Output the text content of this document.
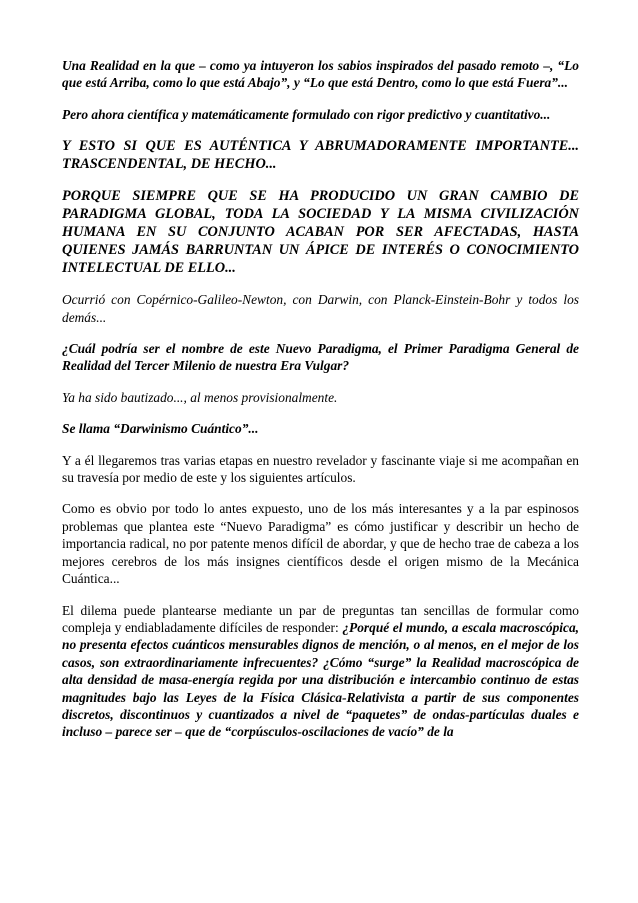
Una Realidad en la que – como ya intuyeron los sabios inspirados del pasado remoto –, “Lo que está Arriba, como lo que está Abajo”, y “Lo que está Dentro, como lo que está Fuera”...

Pero ahora científica y matemáticamente formulado con rigor predictivo y cuantitativo...

Y ESTO SI QUE ES AUTÉNTICA Y ABRUMADORAMENTE IMPORTANTE... TRASCENDENTAL, DE HECHO...

PORQUE SIEMPRE QUE SE HA PRODUCIDO UN GRAN CAMBIO DE PARADIGMA GLOBAL, TODA LA SOCIEDAD Y LA MISMA CIVILIZACIÓN HUMANA EN SU CONJUNTO ACABAN POR SER AFECTADAS, HASTA QUIENES JAMÁS BARRUNTAN UN ÁPICE DE INTERÉS O CONOCIMIENTO INTELECTUAL DE ELLO...

Ocurrió con Copérnico-Galileo-Newton, con Darwin, con Planck-Einstein-Bohr y todos los demás...

¿Cuál podría ser el nombre de este Nuevo Paradigma, el Primer Paradigma General de Realidad del Tercer Milenio de nuestra Era Vulgar?

Ya ha sido bautizado..., al menos provisionalmente.

Se llama “Darwinismo Cuántico”...

Y a él llegaremos tras varias etapas en nuestro revelador y fascinante viaje si me acompañan en su travesía por medio de este y los siguientes artículos.

Como es obvio por todo lo antes expuesto, uno de los más interesantes y a la par espinosos problemas que plantea este “Nuevo Paradigma” es cómo justificar y describir un hecho de importancia radical, no por patente menos difícil de abordar, y que de hecho trae de cabeza a los mejores cerebros de los más insignes científicos desde el origen mismo de la Mecánica Cuántica...

El dilema puede plantearse mediante un par de preguntas tan sencillas de formular como compleja y endiabladamente difíciles de responder: ¿Porqué el mundo, a escala macroscópica, no presenta efectos cuánticos mensurables dignos de mención, o al menos, en el mejor de los casos, son extraordinariamente infrecuentes? ¿Cómo “surge” la Realidad macroscópica de alta densidad de masa-energía regida por una distribución e intercambio continuo de estas magnitudes bajo las Leyes de la Física Clásica-Relativista a partir de sus componentes discretos, discontinuos y cuantizados a nivel de “paquetes” de ondas-partículas duales e incluso – parece ser – que de “corpúsculos-oscilaciones de vacío” de la
